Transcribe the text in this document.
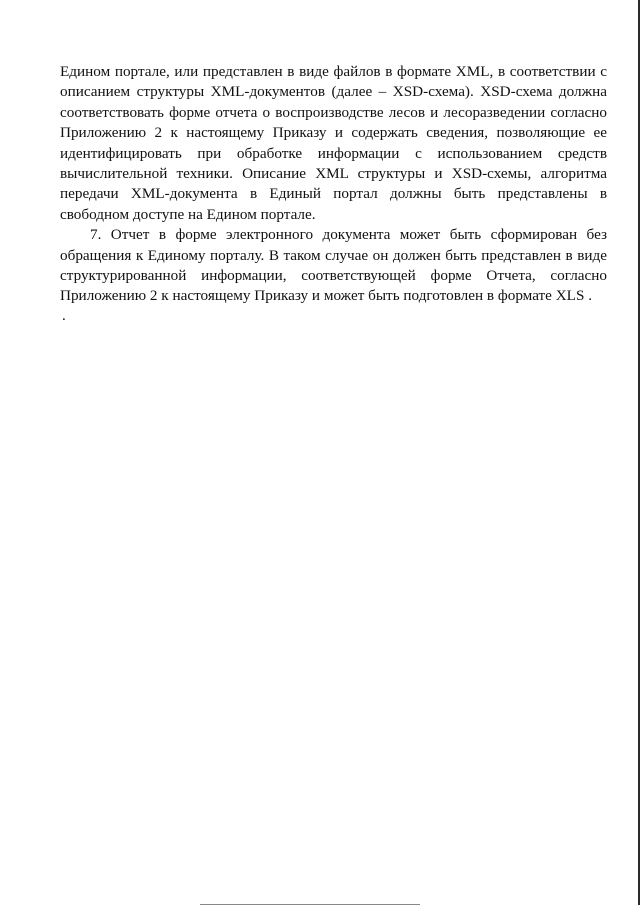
Едином портале, или представлен в виде файлов в формате XML, в соответствии с описанием структуры XML-документов (далее – XSD-схема). XSD-схема должна соответствовать форме отчета о воспроизводстве лесов и лесоразведении согласно Приложению 2 к настоящему Приказу и содержать сведения, позволяющие ее идентифицировать при обработке информации с использованием средств вычислительной техники. Описание XML структуры и XSD-схемы, алгоритма передачи XML-документа в Единый портал должны быть представлены в свободном доступе на Едином портале.

7. Отчет в форме электронного документа может быть сформирован без обращения к Единому порталу. В таком случае он должен быть представлен в виде структурированной информации, соответствующей форме Отчета, согласно Приложению 2 к настоящему Приказу и может быть подготовлен в формате XLS .

.
